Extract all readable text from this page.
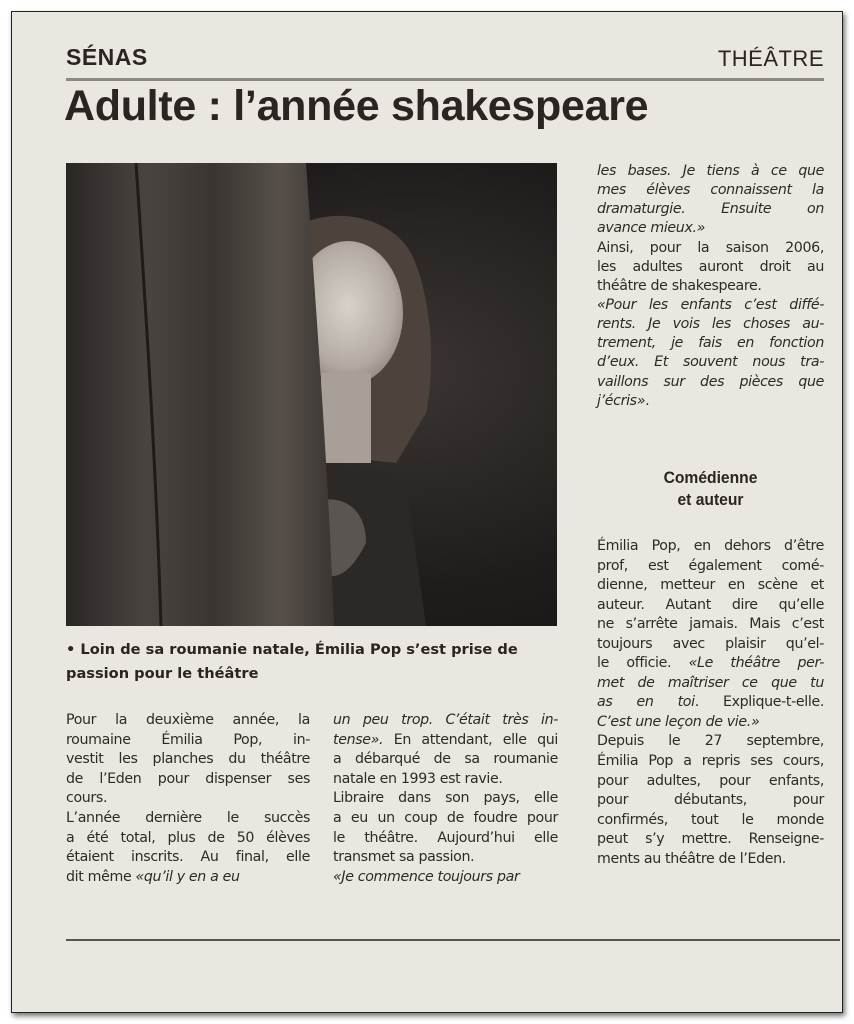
SÉNAS	THÉÂTRE
Adulte : l’année shakespeare
• Loin de sa roumanie natale, Émilia Pop s’est prise de
passion pour le théâtre
Pour la deuxième année, la
roumaine Émilia Pop, in-
vestit les planches du théâtre
de l’Eden pour dispenser ses
cours.
L’année dernière le succès
a été total, plus de 50 élèves
étaient inscrits. Au final, elle
dit même «qu’il y en a eu
un peu trop. C’était très in-
tense». En attendant, elle qui
a débarqué de sa roumanie
natale en 1993 est ravie.
Libraire dans son pays, elle
a eu un coup de foudre pour
le théâtre. Aujourd’hui elle
transmet sa passion.
«Je commence toujours par
les bases. Je tiens à ce que
mes élèves connaissent la
dramaturgie. Ensuite on
avance mieux.»
Ainsi, pour la saison 2006,
les adultes auront droit au
théâtre de shakespeare.
«Pour les enfants c’est diffé-
rents. Je vois les choses au-
trement, je fais en fonction
d’eux. Et souvent nous tra-
vaillons sur des pièces que
j’écris».
Comédienne
et auteur
Émilia Pop, en dehors d’être
prof, est également comé-
dienne, metteur en scène et
auteur. Autant dire qu’elle
ne s’arrête jamais. Mais c’est
toujours avec plaisir qu’el-
le officie. «Le théâtre per-
met de maîtriser ce que tu
as en toi. Explique-t-elle.
C’est une leçon de vie.»
Depuis le 27 septembre,
Émilia Pop a repris ses cours,
pour adultes, pour enfants,
pour débutants, pour
confirmés, tout le monde
peut s’y mettre. Renseigne-
ments au théâtre de l’Eden.
